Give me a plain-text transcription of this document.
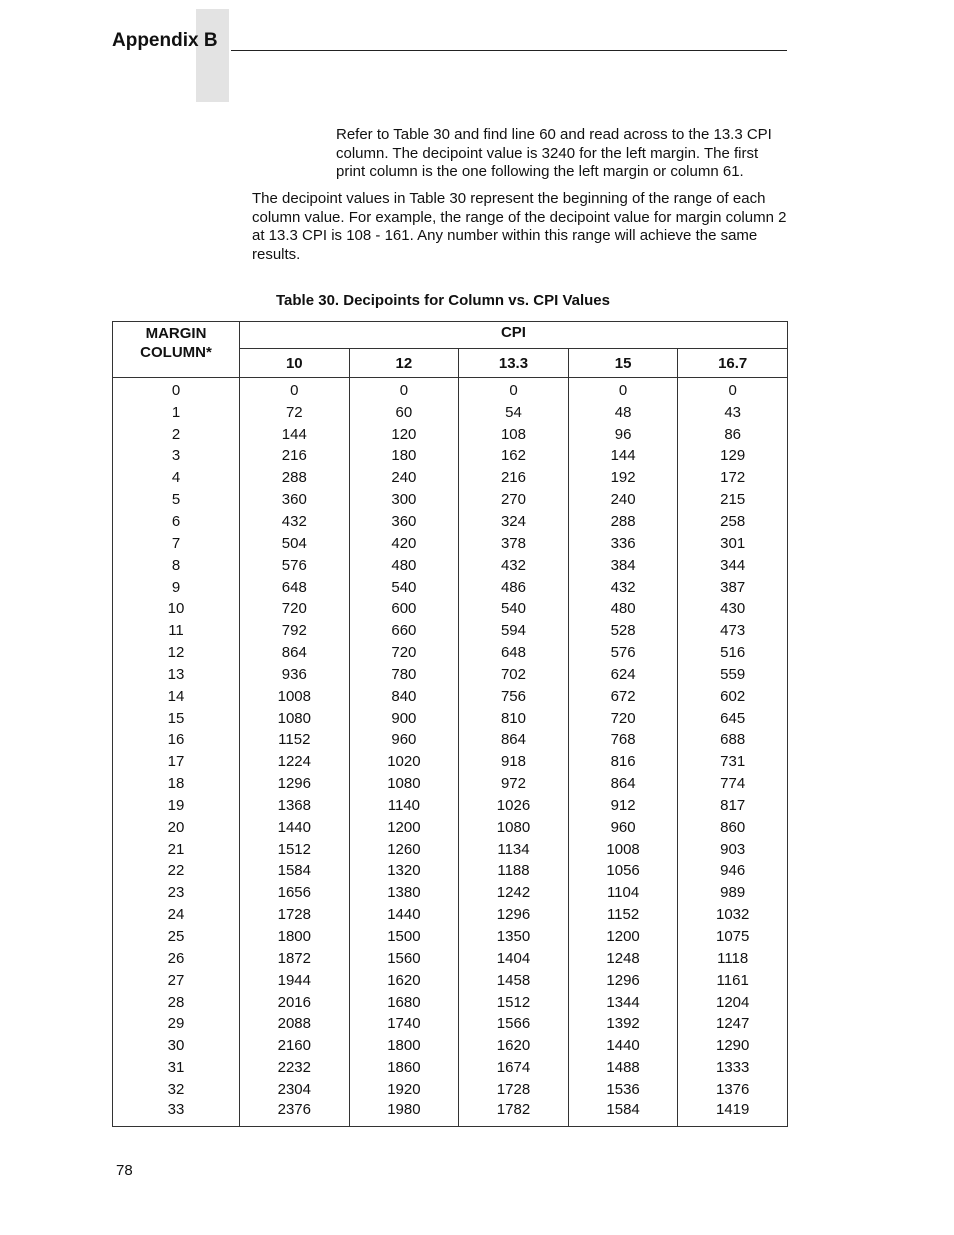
Appendix B

Refer to Table 30 and find line 60 and read across to the 13.3 CPI column. The decipoint value is 3240 for the left margin. The first print column is the one following the left margin or column 61.

The decipoint values in Table 30 represent the beginning of the range of each column value. For example, the range of the decipoint value for margin column 2 at 13.3 CPI is 108 - 161. Any number within this range will achieve the same results.

Table 30. Decipoints for Column vs. CPI Values
MARGIN
COLUMN*	CPI				
	10	12	13.3	15	16.7
0	0	0	0	0	0
1	72	60	54	48	43
2	144	120	108	96	86
3	216	180	162	144	129
4	288	240	216	192	172
5	360	300	270	240	215
6	432	360	324	288	258
7	504	420	378	336	301
8	576	480	432	384	344
9	648	540	486	432	387
10	720	600	540	480	430
11	792	660	594	528	473
12	864	720	648	576	516
13	936	780	702	624	559
14	1008	840	756	672	602
15	1080	900	810	720	645
16	1152	960	864	768	688
17	1224	1020	918	816	731
18	1296	1080	972	864	774
19	1368	1140	1026	912	817
20	1440	1200	1080	960	860
21	1512	1260	1134	1008	903
22	1584	1320	1188	1056	946
23	1656	1380	1242	1104	989
24	1728	1440	1296	1152	1032
25	1800	1500	1350	1200	1075
26	1872	1560	1404	1248	1118
27	1944	1620	1458	1296	1161
28	2016	1680	1512	1344	1204
29	2088	1740	1566	1392	1247
30	2160	1800	1620	1440	1290
31	2232	1860	1674	1488	1333
32	2304	1920	1728	1536	1376
33	2376	1980	1782	1584	1419
78
